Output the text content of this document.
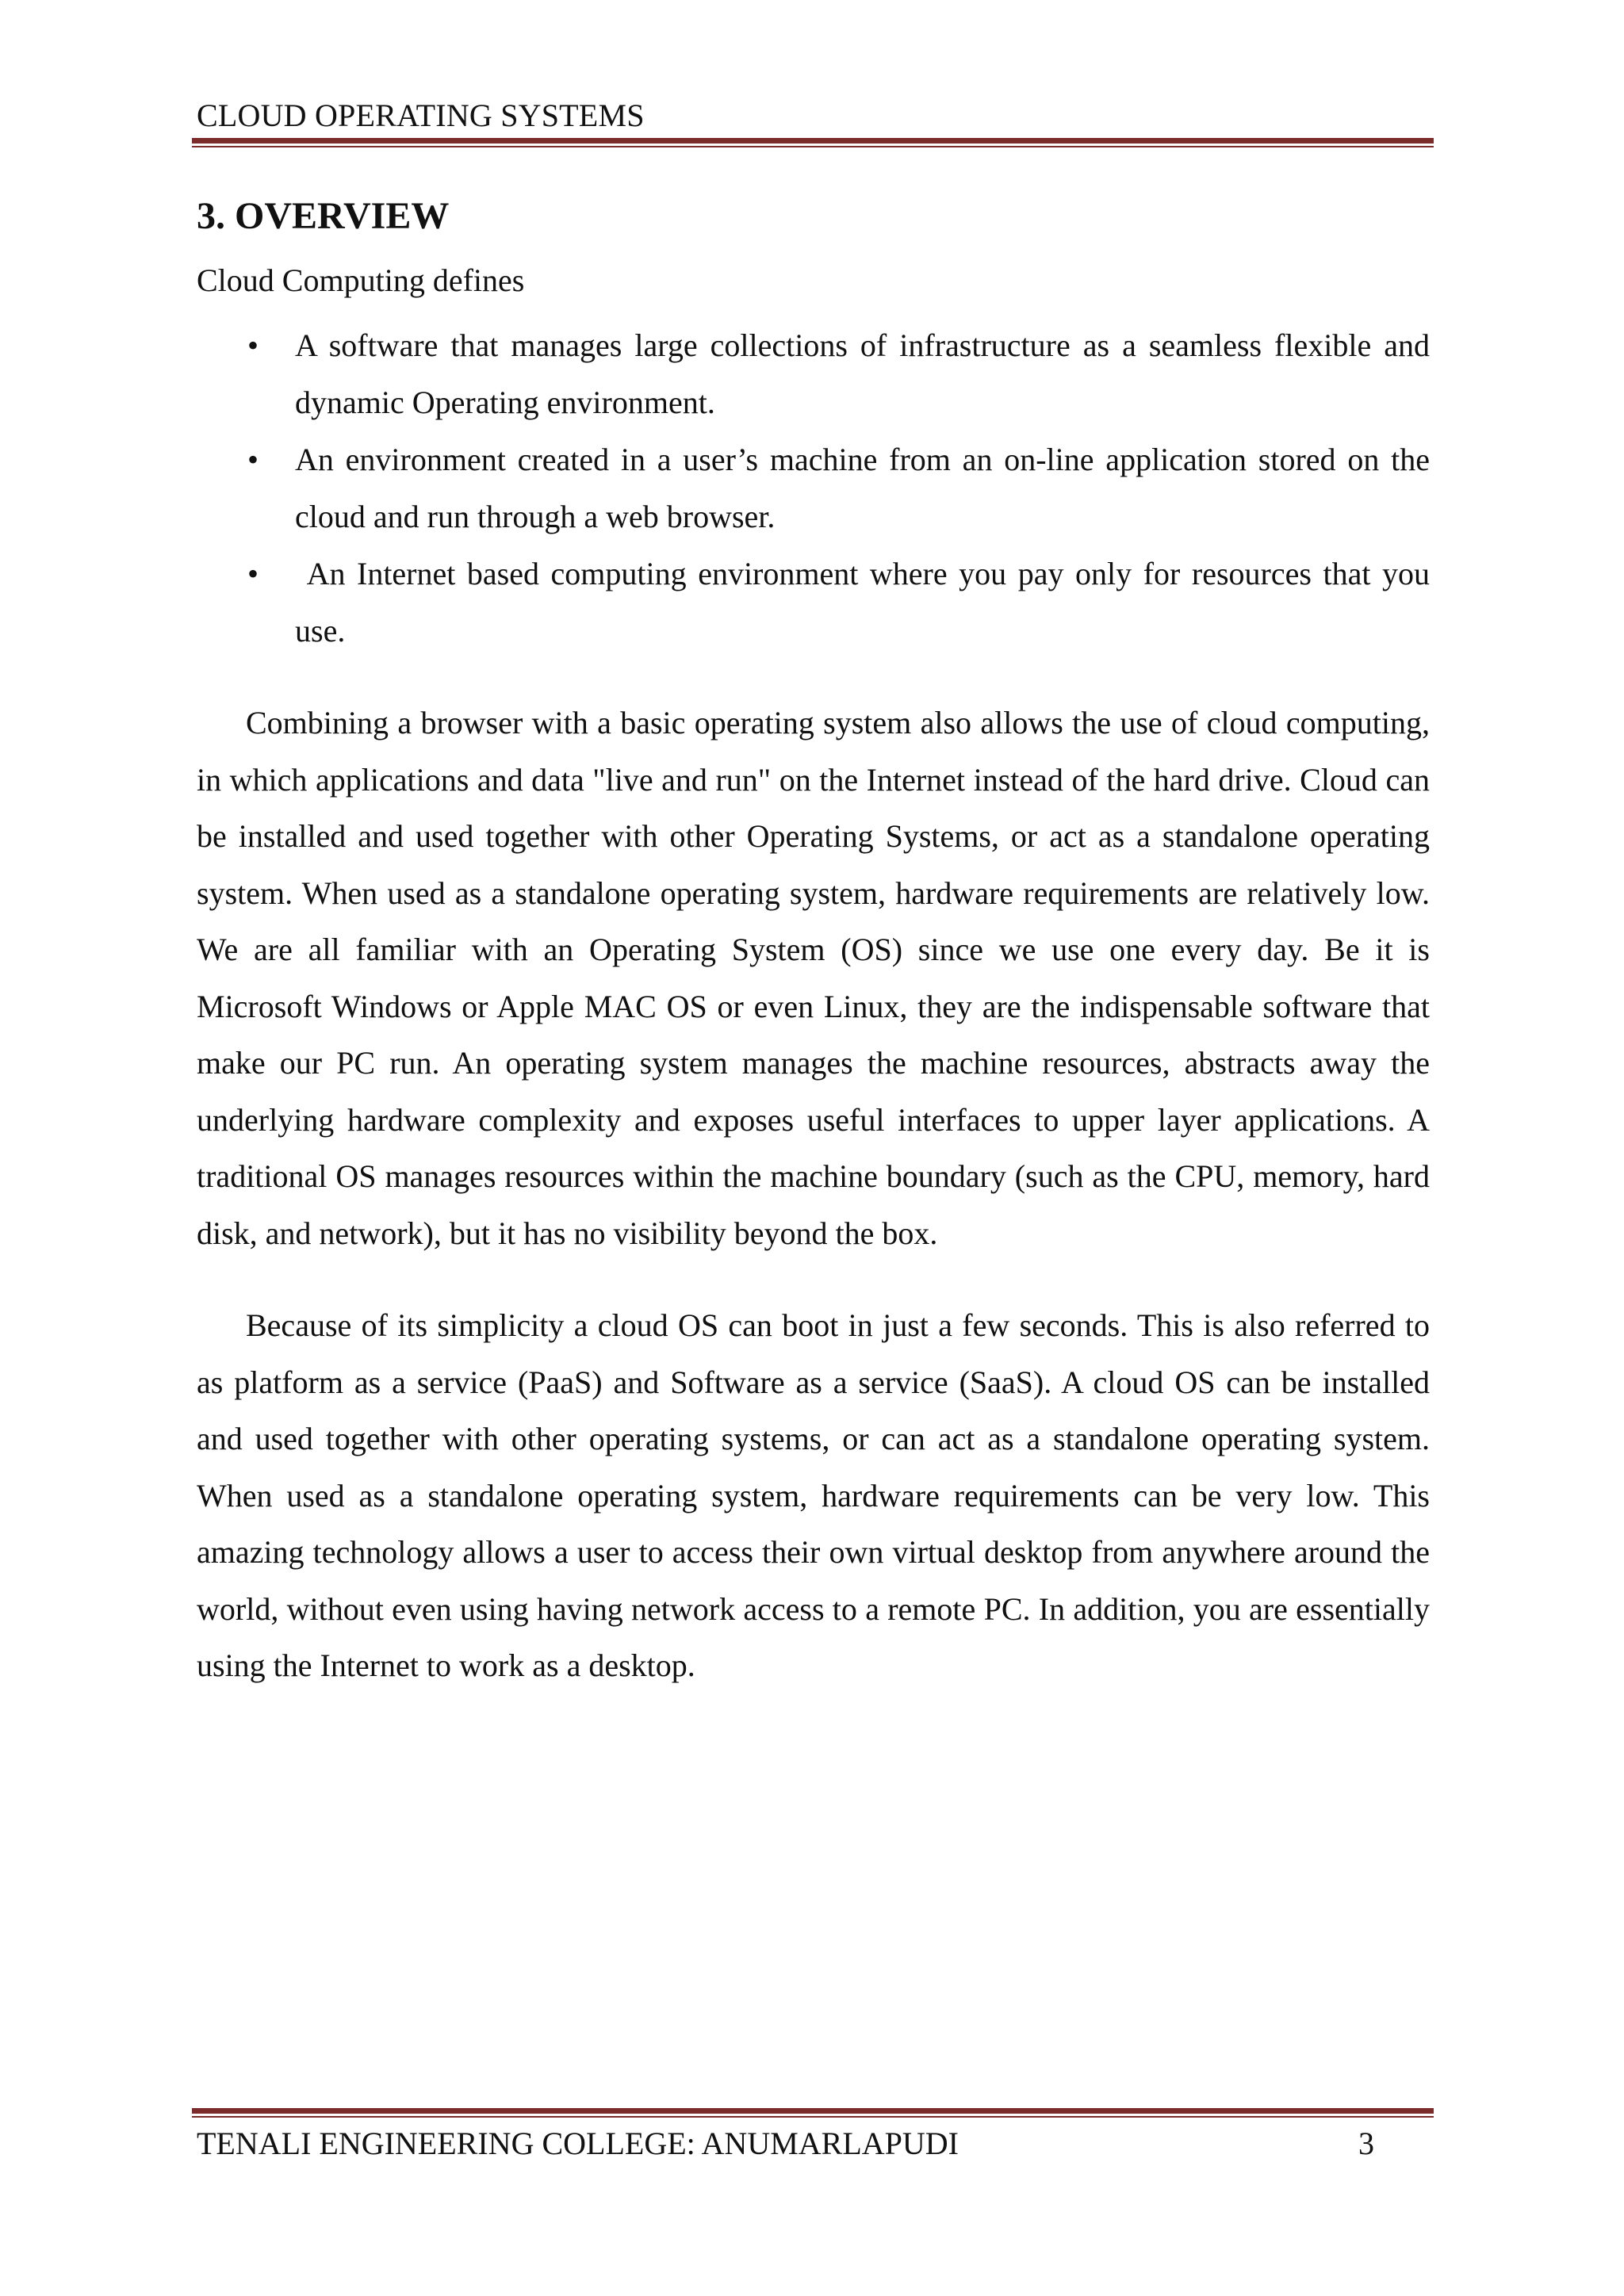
CLOUD OPERATING SYSTEMS
3. OVERVIEW
Cloud Computing defines
• A software that manages large collections of infrastructure as a seamless flexible and dynamic Operating environment.
• An environment created in a user’s machine from an on-line application stored on the cloud and run through a web browser.
• An Internet based computing environment where you pay only for resources that you use.

Combining a browser with a basic operating system also allows the use of cloud computing, in which applications and data "live and run" on the Internet instead of the hard drive. Cloud can be installed and used together with other Operating Systems, or act as a standalone operating system. When used as a standalone operating system, hardware requirements are relatively low. We are all familiar with an Operating System (OS) since we use one every day. Be it is Microsoft Windows or Apple MAC OS or even Linux, they are the indispensable software that make our PC run. An operating system manages the machine resources, abstracts away the underlying hardware complexity and exposes useful interfaces to upper layer applications. A traditional OS manages resources within the machine boundary (such as the CPU, memory, hard disk, and network), but it has no visibility beyond the box.

Because of its simplicity a cloud OS can boot in just a few seconds. This is also referred to as platform as a service (PaaS) and Software as a service (SaaS). A cloud OS can be installed and used together with other operating systems, or can act as a standalone operating system. When used as a standalone operating system, hardware requirements can be very low. This amazing technology allows a user to access their own virtual desktop from anywhere around the world, without even using having network access to a remote PC. In addition, you are essentially using the Internet to work as a desktop.

TENALI ENGINEERING COLLEGE: ANUMARLAPUDI	3
